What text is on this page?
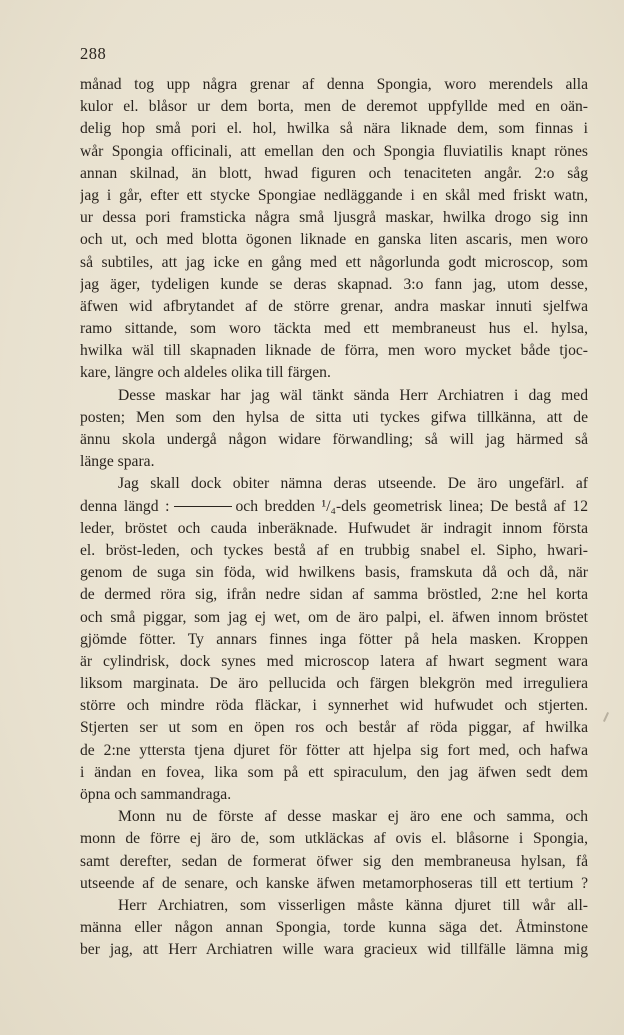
288
månad tog upp några grenar af denna Spongia, woro merendels alla
kulor el. blåsor ur dem borta, men de deremot uppfyllde med en oän-
delig hop små pori el. hol, hwilka så nära liknade dem, som finnas i
wår Spongia officinali, att emellan den och Spongia fluviatilis knapt rönes
annan skilnad, än blott, hwad figuren och tenaciteten angår. 2:o såg
jag i går, efter ett stycke Spongiae nedläggande i en skål med friskt watn,
ur dessa pori framsticka några små ljusgrå maskar, hwilka drogo sig inn
och ut, och med blotta ögonen liknade en ganska liten ascaris, men woro
så subtiles, att jag icke en gång med ett någorlunda godt microscop, som
jag äger, tydeligen kunde se deras skapnad. 3:o fann jag, utom desse,
äfwen wid afbrytandet af de större grenar, andra maskar innuti sjelfwa
ramo sittande, som woro täckta med ett membraneust hus el. hylsa,
hwilka wäl till skapnaden liknade de förra, men woro mycket både tjoc-
kare, längre och aldeles olika till färgen.
Desse maskar har jag wäl tänkt sända Herr Archiatren i dag med
posten; Men som den hylsa de sitta uti tyckes gifwa tillkänna, att de
ännu skola undergå någon widare förwandling; så will jag härmed så
länge spara.
Jag skall dock obiter nämna deras utseende. De äro ungefärl. af
denna längd :	och bredden ¹/₄-dels geometrisk linea; De bestå af 12
leder, bröstet och cauda inberäknade. Hufwudet är indragit innom första
el. bröst-leden, och tyckes bestå af en trubbig snabel el. Sipho, hwari-
genom de suga sin föda, wid hwilkens basis, framskuta då och då, när
de dermed röra sig, ifrån nedre sidan af samma bröstled, 2:ne hel korta
och små piggar, som jag ej wet, om de äro palpi, el. äfwen innom bröstet
gjömde fötter. Ty annars finnes inga fötter på hela masken. Kroppen
är cylindrisk, dock synes med microscop latera af hwart segment wara
liksom marginata. De äro pellucida och färgen blekgrön med irreguliera
större och mindre röda fläckar, i synnerhet wid hufwudet och stjerten.
Stjerten ser ut som en öpen ros och består af röda piggar, af hwilka
de 2:ne yttersta tjena djuret för fötter att hjelpa sig fort med, och hafwa
i ändan en fovea, lika som på ett spiraculum, den jag äfwen sedt dem
öpna och sammandraga.
Monn nu de förste af desse maskar ej äro ene och samma, och
monn de förre ej äro de, som utkläckas af ovis el. blåsorne i Spongia,
samt derefter, sedan de formerat öfwer sig den membraneusa hylsan, få
utseende af de senare, och kanske äfwen metamorphoseras till ett tertium ?
Herr Archiatren, som visserligen måste känna djuret till wår all-
männa eller någon annan Spongia, torde kunna säga det. Åtminstone
ber jag, att Herr Archiatren wille wara gracieux wid tillfälle lämna mig
